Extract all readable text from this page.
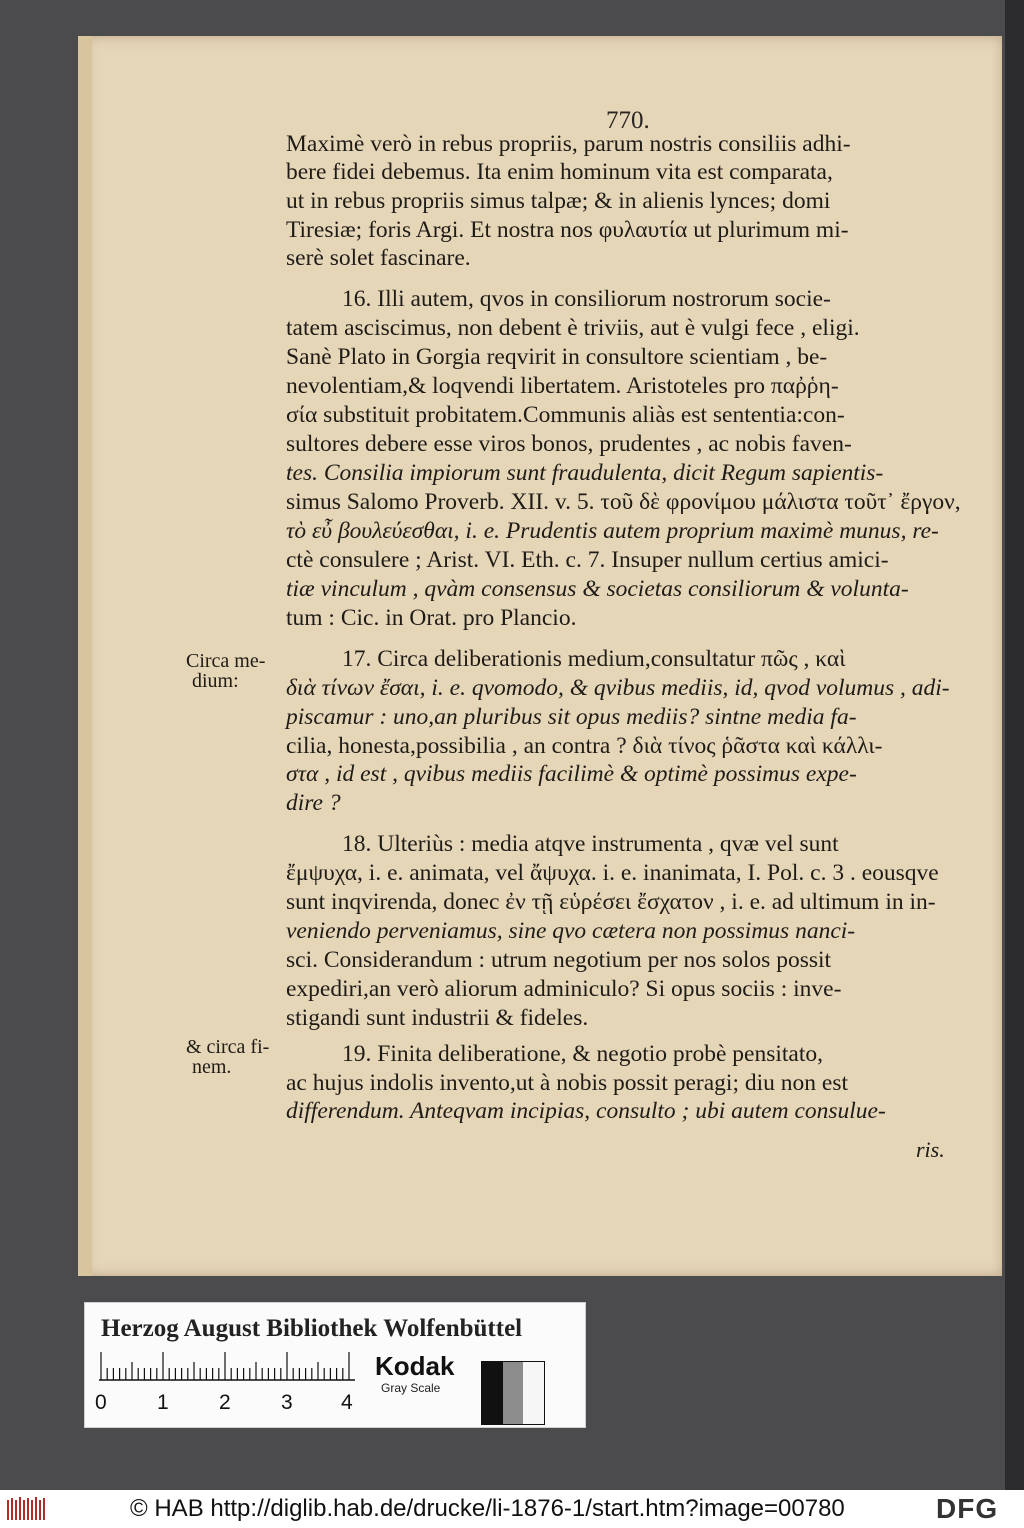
770.
Maximè verò in rebus propriis, parum nostris consiliis adhi-
bere fidei debemus. Ita enim hominum vita est comparata,
ut in rebus propriis simus talpæ; & in alienis lynces; domi
Tiresiæ; foris Argi. Et nostra nos φυλαυτία ut plurimum mi-
serè solet fascinare.
16. Illi autem, qvos in consiliorum nostrorum socie-
tatem ascisсimus, non debent è triviis, aut è vulgi fece , eligi.
Sanè Plato in Gorgia reqvirit in consultore scientiam , be-
nevolentiam,& loqvendi libertatem. Aristoteles pro παῤῥη-
σία substituit probitatem.Communis aliàs est sententia:con-
sultores debere esse viros bonos, prudentes , ac nobis faven-
tes. Consilia impiorum sunt fraudulenta, dicit Regum sapientis-
simus Salomo Proverb. XII. v. 5. τοῦ δὲ φρονίμου μάλιστα τοῦτ᾽ ἔργον,
τὸ εὖ βουλεύεσθαι, i. e. Prudentis autem proprium maximè munus, re-
ctè consulere ; Arist. VI. Eth. c. 7. Insuper nullum certius amici-
tiæ vinculum , qvàm consensus & societas consiliorum & volunta-
tum : Cic. in Orat. pro Plancio.
17. Circa deliberationis medium,consultatur πῶς , καὶ
διὰ τίνων ἔσαι, i. e. qvomodo, & qvibus mediis, id, qvod volumus , adi-
piscamur : uno,an pluribus sit opus mediis? sintne media fa-
cilia, honesta,possibilia , an contra ? διὰ τίνος ῥᾶστα καὶ κάλλι-
στα , id est , qvibus mediis facilimè & optimè possimus expe-
dire ?
18. Ulteriùs : media atqve instrumenta , qvæ vel sunt
ἔμψυχα, i. e. animata, vel ἄψυχα. i. e. inanimata, I. Pol. c. 3 . eousqve
sunt inqvirenda, donec ἐν τῇ εὑρέσει ἔσχατον , i. e. ad ultimum in in-
veniendo perveniamus, sine qvo cætera non possimus nanci-
sci. Considerandum : utrum negotium per nos solos possit
expediri,an verò aliorum adminiculo? Si opus sociis : inve-
stigandi sunt industrii & fideles.
19. Finita deliberatione, & negotio probè pensitato,
ac hujus indolis invento,ut à nobis possit peragi; diu non est
differendum. Anteqvam incipias, consulto ; ubi autem consulue-
Circa me-
dium:
& circa fi-
nem.
ris.
Herzog August Bibliothek Wolfenbüttel
0 1 2 3 4
Kodak
Gray Scale
© HAB http://diglib.hab.de/drucke/li-1876-1/start.htm?image=00780	DFG
